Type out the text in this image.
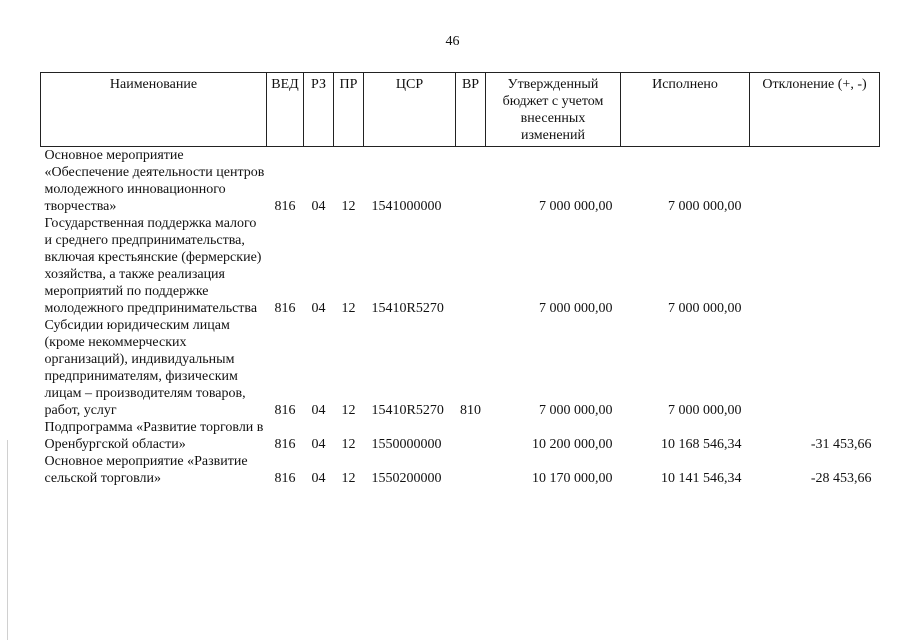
46
Наименование	ВЕД	РЗ	ПР	ЦСР	ВР	Утвержденный бюджет с учетом внесенных изменений	Исполнено	Отклонение (+, -)
Основное мероприятие «Обеспечение деятельности центров молодежного инновационного творчества»	816	04	12	1541000000		7 000 000,00	7 000 000,00	
Государственная поддержка малого и среднего предпринимательства, включая крестьянские (фермерские) хозяйства, а также реализация мероприятий по поддержке молодежного предпринимательства	816	04	12	15410R5270		7 000 000,00	7 000 000,00	
Субсидии юридическим лицам (кроме некоммерческих организаций), индивидуальным предпринимателям, физическим лицам – производителям товаров, работ, услуг	816	04	12	15410R5270	810	7 000 000,00	7 000 000,00	
Подпрограмма «Развитие торговли в Оренбургской области»	816	04	12	1550000000		10 200 000,00	10 168 546,34	-31 453,66
Основное мероприятие «Развитие сельской торговли»	816	04	12	1550200000		10 170 000,00	10 141 546,34	-28 453,66
